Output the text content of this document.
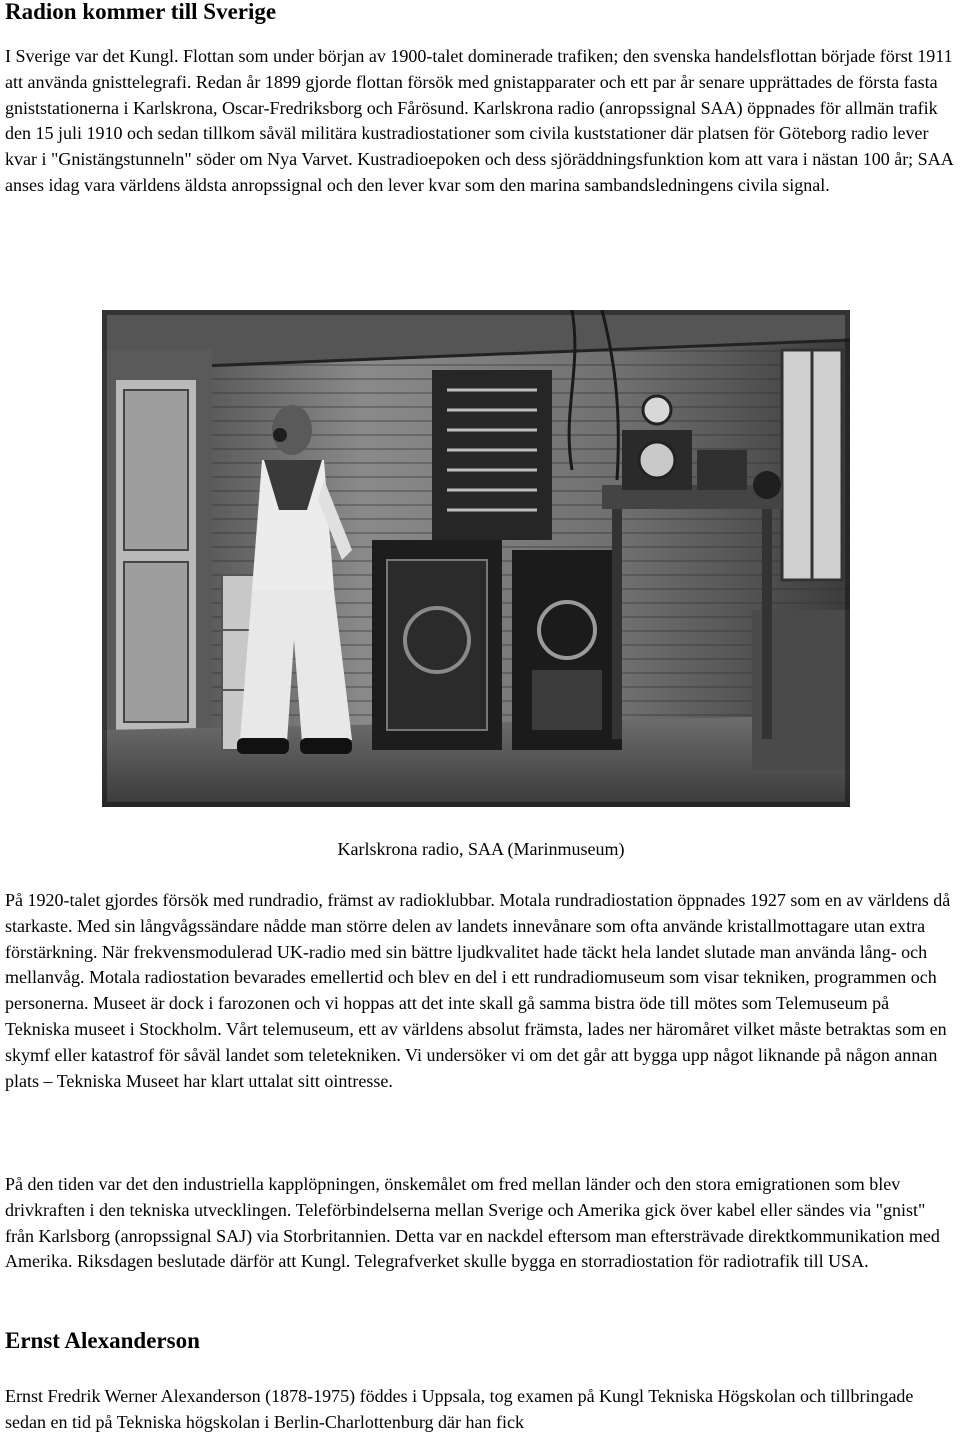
Radion kommer till Sverige

I Sverige var det Kungl. Flottan som under början av 1900-talet dominerade trafiken; den svenska handelsflottan började först 1911 att använda gnisttelegrafi. Redan år 1899 gjorde flottan försök med gnistapparater och ett par år senare upprättades de första fasta gniststationerna i Karlskrona, Oscar-Fredriksborg och Fårösund. Karlskrona radio (anropssignal SAA) öppnades för allmän trafik den 15 juli 1910 och sedan tillkom såväl militära kustradiostationer som civila kuststationer där platsen för Göteborg radio lever kvar i "Gnistängstunneln" söder om Nya Varvet. Kustradioepoken och dess sjöräddningsfunktion kom att vara i nästan 100 år; SAA anses idag vara världens äldsta anropssignal och den lever kvar som den marina sambandsledningens civila signal.

Karlskrona radio, SAA (Marinmuseum)

På 1920-talet gjordes försök med rundradio, främst av radioklubbar. Motala rundradiostation öppnades 1927 som en av världens då starkaste. Med sin långvågssändare nådde man större delen av landets innevånare som ofta använde kristallmottagare utan extra förstärkning. När frekvensmodulerad UK-radio med sin bättre ljudkvalitet hade täckt hela landet slutade man använda lång- och mellanvåg. Motala radiostation bevarades emellertid och blev en del i ett rundradiomuseum som visar tekniken, programmen och personerna. Museet är dock i farozonen och vi hoppas att det inte skall gå samma bistra öde till mötes som Telemuseum på Tekniska museet i Stockholm. Vårt telemuseum, ett av världens absolut främsta, lades ner häromåret vilket måste betraktas som en skymf eller katastrof för såväl landet som teletekniken. Vi undersöker vi om det går att bygga upp något liknande på någon annan plats – Tekniska Museet har klart uttalat sitt ointresse.

På den tiden var det den industriella kapplöpningen, önskemålet om fred mellan länder och den stora emigrationen som blev drivkraften i den tekniska utvecklingen. Teleförbindelserna mellan Sverige och Amerika gick över kabel eller sändes via "gnist" från Karlsborg (anropssignal SAJ) via Storbritannien. Detta var en nackdel eftersom man eftersträvade direktkommunikation med Amerika. Riksdagen beslutade därför att Kungl. Telegrafverket skulle bygga en storradiostation för radiotrafik till USA.

Ernst Alexanderson

Ernst Fredrik Werner Alexanderson (1878-1975) föddes i Uppsala, tog examen på Kungl Tekniska Högskolan och tillbringade sedan en tid på Tekniska högskolan i Berlin-Charlottenburg där han fick
